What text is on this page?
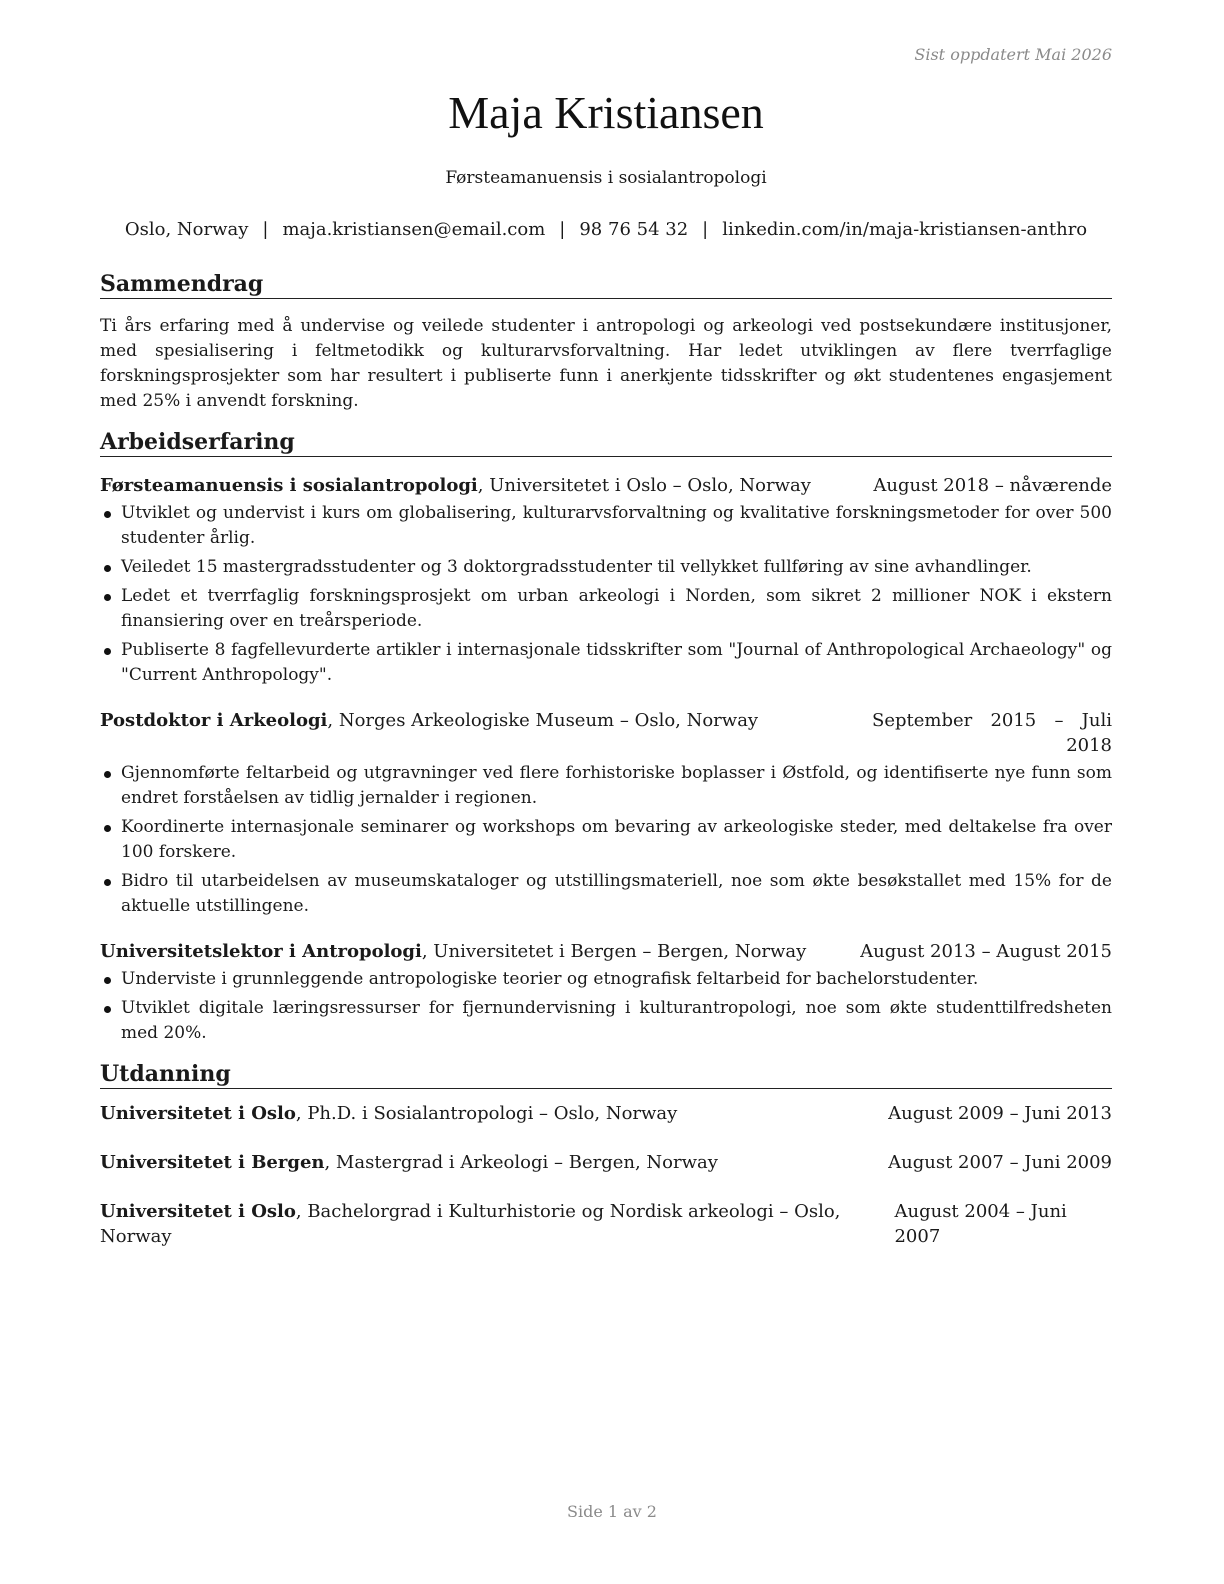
Sist oppdatert Mai 2026
Maja Kristiansen
Førsteamanuensis i sosialantropologi
Oslo, Norway | maja.kristiansen@email.com | 98 76 54 32 | linkedin.com/in/maja-kristiansen-anthro
Sammendrag

Ti års erfaring med å undervise og veilede studenter i antropologi og arkeologi ved postsekundære institusjoner, med spesialisering i feltmetodikk og kulturarvsforvaltning. Har ledet utviklingen av flere tverrfaglige forskningsprosjekter som har resultert i publiserte funn i anerkjente tidsskrifter og økt studentenes engasjement med 25% i anvendt forskning.

Arbeidserfaring
Førsteamanuensis i sosialantropologi, Universitetet i Oslo – Oslo, Norway	August 2018 – nåværende
Utviklet og undervist i kurs om globalisering, kulturarvsforvaltning og kvalitative forskningsmetoder for over 500 studenter årlig.
Veiledet 15 mastergradsstudenter og 3 doktorgradsstudenter til vellykket fullføring av sine avhandlinger.
Ledet et tverrfaglig forskningsprosjekt om urban arkeologi i Norden, som sikret 2 millioner NOK i ekstern finansiering over en treårsperiode.
Publiserte 8 fagfellevurderte artikler i internasjonale tidsskrifter som "Journal of Anthropological Archaeology" og "Current Anthropology".
Postdoktor i Arkeologi, Norges Arkeologiske Museum – Oslo, Norway	September 2015 – Juli 2018
Gjennomførte feltarbeid og utgravninger ved flere forhistoriske boplasser i Østfold, og identifiserte nye funn som endret forståelsen av tidlig jernalder i regionen.
Koordinerte internasjonale seminarer og workshops om bevaring av arkeologiske steder, med deltakelse fra over 100 forskere.
Bidro til utarbeidelsen av museumskataloger og utstillingsmateriell, noe som økte besøkstallet med 15% for de aktuelle utstillingene.
Universitetslektor i Antropologi, Universitetet i Bergen – Bergen, Norway	August 2013 – August 2015
Underviste i grunnleggende antropologiske teorier og etnografisk feltarbeid for bachelorstudenter.
Utviklet digitale læringsressurser for fjernundervisning i kulturantropologi, noe som økte studenttilfredsheten med 20%.
Utdanning
Universitetet i Oslo, Ph.D. i Sosialantropologi – Oslo, Norway	August 2009 – Juni 2013
Universitetet i Bergen, Mastergrad i Arkeologi – Bergen, Norway	August 2007 – Juni 2009
Universitetet i Oslo, Bachelorgrad i Kulturhistorie og Nordisk arkeologi – Oslo, Norway
August 2004 – Juni 2007
Side 1 av 2
